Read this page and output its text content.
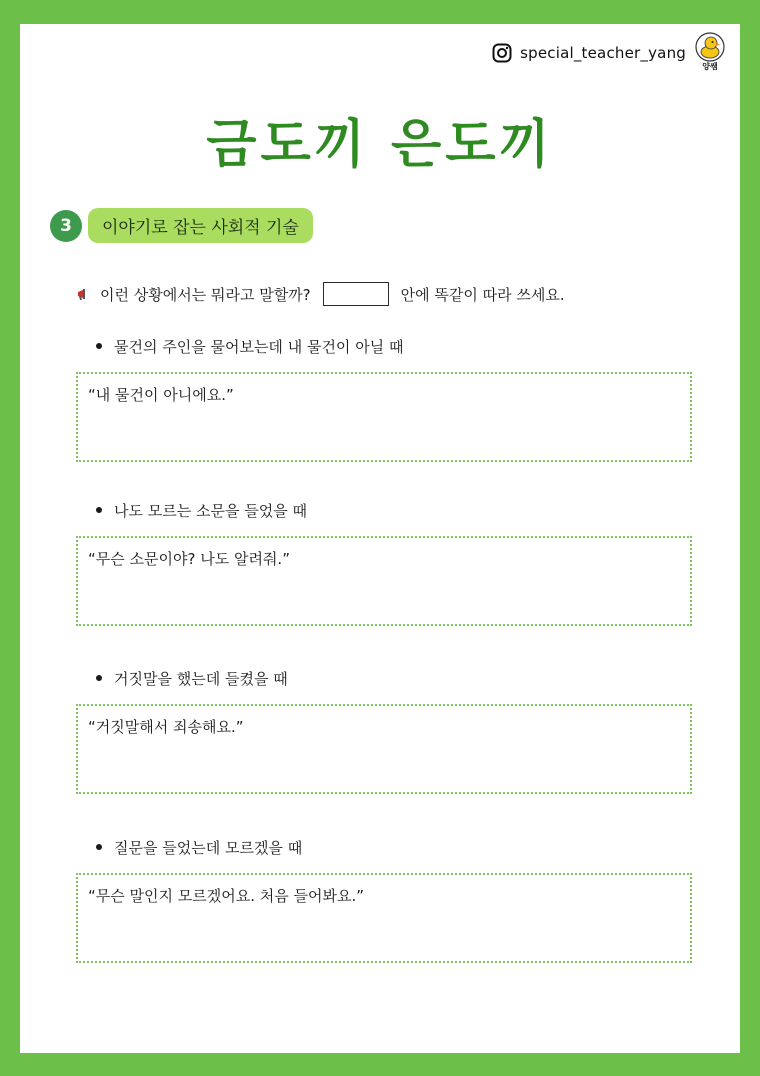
special_teacher_yang
양쌤
금도끼 은도끼
3	이야기로 잡는 사회적 기술
이런 상황에서는 뭐라고 말할까?	안에 똑같이 따라 쓰세요.
물건의 주인을 물어보는데 내 물건이 아닐 때
“내 물건이 아니에요.”
나도 모르는 소문을 들었을 때
“무슨 소문이야? 나도 알려줘.”
거짓말을 했는데 들켰을 때
“거짓말해서 죄송해요.”
질문을 들었는데 모르겠을 때
“무슨 말인지 모르겠어요. 처음 들어봐요.”
